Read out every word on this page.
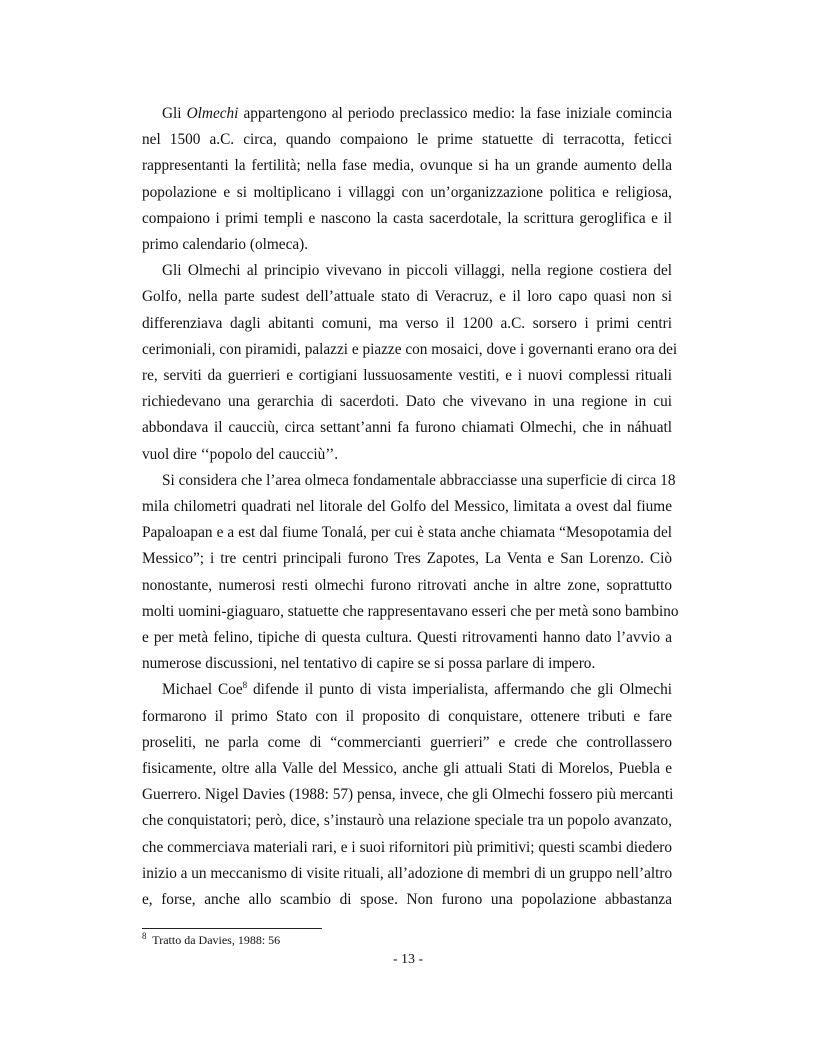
Gli Olmechi appartengono al periodo preclassico medio: la fase iniziale comincia
nel 1500 a.C. circa, quando compaiono le prime statuette di terracotta, feticci
rappresentanti la fertilità; nella fase media, ovunque si ha un grande aumento della
popolazione e si moltiplicano i villaggi con un’organizzazione politica e religiosa,
compaiono i primi templi e nascono la casta sacerdotale, la scrittura geroglifica e il
primo calendario (olmeca).
Gli Olmechi al principio vivevano in piccoli villaggi, nella regione costiera del
Golfo, nella parte sudest dell’attuale stato di Veracruz, e il loro capo quasi non si
differenziava dagli abitanti comuni, ma verso il 1200 a.C. sorsero i primi centri
cerimoniali, con piramidi, palazzi e piazze con mosaici, dove i governanti erano ora dei
re, serviti da guerrieri e cortigiani lussuosamente vestiti, e i nuovi complessi rituali
richiedevano una gerarchia di sacerdoti. Dato che vivevano in una regione in cui
abbondava il caucciù, circa settant’anni fa furono chiamati Olmechi, che in náhuatl
vuol dire ‘‘popolo del caucciù’’.
Si considera che l’area olmeca fondamentale abbracciasse una superficie di circa 18
mila chilometri quadrati nel litorale del Golfo del Messico, limitata a ovest dal fiume
Papaloapan e a est dal fiume Tonalá, per cui è stata anche chiamata “Mesopotamia del
Messico”; i tre centri principali furono Tres Zapotes, La Venta e San Lorenzo. Ciò
nonostante, numerosi resti olmechi furono ritrovati anche in altre zone, soprattutto
molti uomini-giaguaro, statuette che rappresentavano esseri che per metà sono bambino
e per metà felino, tipiche di questa cultura. Questi ritrovamenti hanno dato l’avvio a
numerose discussioni, nel tentativo di capire se si possa parlare di impero.
Michael Coe$^8$ difende il punto di vista imperialista, affermando che gli Olmechi
formarono il primo Stato con il proposito di conquistare, ottenere tributi e fare
proseliti, ne parla come di “commercianti guerrieri” e crede che controllassero
fisicamente, oltre alla Valle del Messico, anche gli attuali Stati di Morelos, Puebla e
Guerrero. Nigel Davies (1988: 57) pensa, invece, che gli Olmechi fossero più mercanti
che conquistatori; però, dice, s’instaurò una relazione speciale tra un popolo avanzato,
che commerciava materiali rari, e i suoi rifornitori più primitivi; questi scambi diedero
inizio a un meccanismo di visite rituali, all’adozione di membri di un gruppo nell’altro
e, forse, anche allo scambio di spose. Non furono una popolazione abbastanza
$^8$ Tratto da Davies, 1988: 56
- 13 -
